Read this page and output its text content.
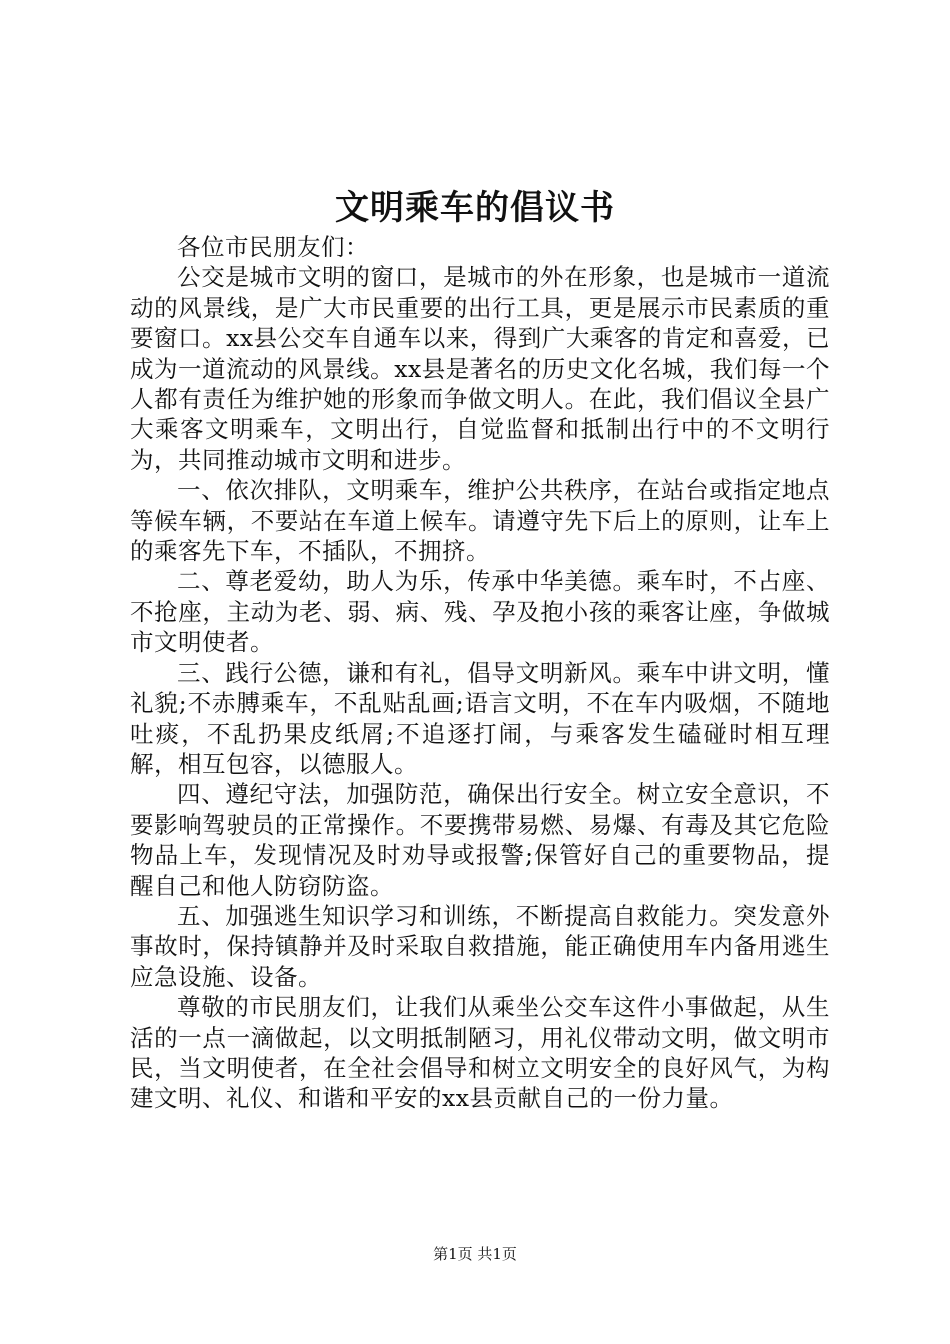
文明乘车的倡议书

各位市民朋友们：

公交是城市文明的窗口，是城市的外在形象，也是城市一道流动的风景线，是广大市民重要的出行工具，更是展示市民素质的重要窗口。xx县公交车自通车以来，得到广大乘客的肯定和喜爱，已成为一道流动的风景线。xx县是著名的历史文化名城，我们每一个人都有责任为维护她的形象而争做文明人。在此，我们倡议全县广大乘客文明乘车，文明出行，自觉监督和抵制出行中的不文明行为，共同推动城市文明和进步。

一、依次排队，文明乘车，维护公共秩序，在站台或指定地点等候车辆，不要站在车道上候车。请遵守先下后上的原则，让车上的乘客先下车，不插队，不拥挤。

二、尊老爱幼，助人为乐，传承中华美德。乘车时，不占座、不抢座，主动为老、弱、病、残、孕及抱小孩的乘客让座，争做城市文明使者。

三、践行公德，谦和有礼，倡导文明新风。乘车中讲文明，懂礼貌;不赤膊乘车，不乱贴乱画;语言文明，不在车内吸烟，不随地吐痰，不乱扔果皮纸屑;不追逐打闹，与乘客发生磕碰时相互理解，相互包容，以德服人。

四、遵纪守法，加强防范，确保出行安全。树立安全意识，不要影响驾驶员的正常操作。不要携带易燃、易爆、有毒及其它危险物品上车，发现情况及时劝导或报警;保管好自己的重要物品，提醒自己和他人防窃防盗。

五、加强逃生知识学习和训练，不断提高自救能力。突发意外事故时，保持镇静并及时采取自救措施，能正确使用车内备用逃生应急设施、设备。

尊敬的市民朋友们，让我们从乘坐公交车这件小事做起，从生活的一点一滴做起，以文明抵制陋习，用礼仪带动文明，做文明市民，当文明使者，在全社会倡导和树立文明安全的良好风气，为构建文明、礼仪、和谐和平安的xx县贡献自己的一份力量。

第1页 共1页
